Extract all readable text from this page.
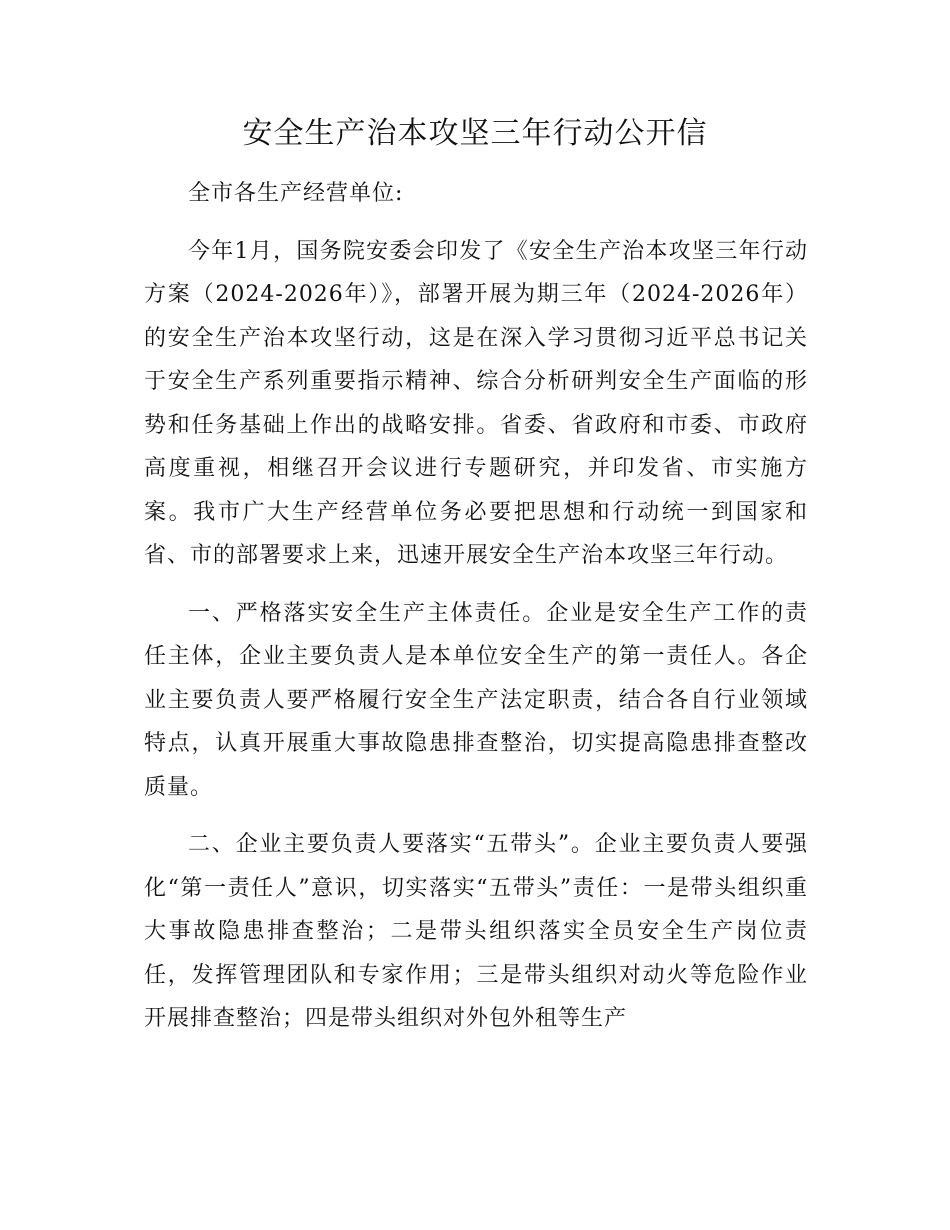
安全生产治本攻坚三年行动公开信

全市各生产经营单位:

今年1月，国务院安委会印发了《安全生产治本攻坚三年行动方案（2024-2026年）》，部署开展为期三年（2024-2026年）的安全生产治本攻坚行动，这是在深入学习贯彻习近平总书记关于安全生产系列重要指示精神、综合分析研判安全生产面临的形势和任务基础上作出的战略安排。省委、省政府和市委、市政府高度重视，相继召开会议进行专题研究，并印发省、市实施方案。我市广大生产经营单位务必要把思想和行动统一到国家和省、市的部署要求上来，迅速开展安全生产治本攻坚三年行动。

一、严格落实安全生产主体责任。企业是安全生产工作的责任主体，企业主要负责人是本单位安全生产的第一责任人。各企业主要负责人要严格履行安全生产法定职责，结合各自行业领域特点，认真开展重大事故隐患排查整治，切实提高隐患排查整改质量。

二、企业主要负责人要落实“五带头”。企业主要负责人要强化“第一责任人”意识，切实落实“五带头”责任：一是带头组织重大事故隐患排查整治；二是带头组织落实全员安全生产岗位责任，发挥管理团队和专家作用；三是带头组织对动火等危险作业开展排查整治；四是带头组织对外包外租等生产
